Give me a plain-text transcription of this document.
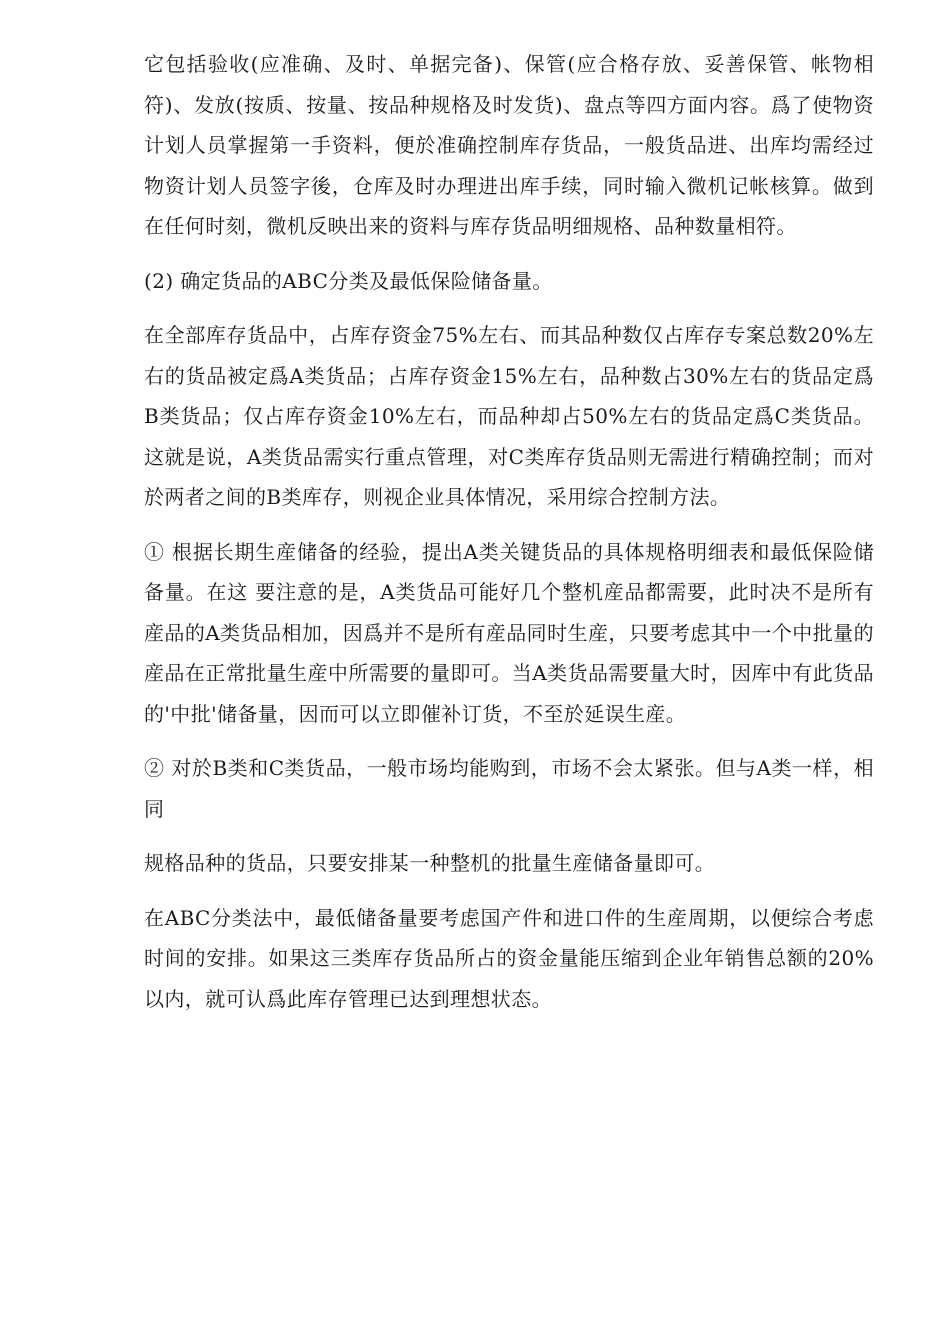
它包括验收(应准确、及时、单据完备)、保管(应合格存放、妥善保管、帐物相符)、发放(按质、按量、按品种规格及时发货)、盘点等四方面内容。爲了使物资计划人员掌握第一手资料，便於准确控制库存货品，一般货品进、出库均需经过物资计划人员签字後，仓库及时办理进出库手续，同时输入微机记帐核算。做到在任何时刻，微机反映出来的资料与库存货品明细规格、品种数量相符。

(2) 确定货品的ABC分类及最低保险储备量。

在全部库存货品中，占库存资金75%左右、而其品种数仅占库存专案总数20%左右的货品被定爲A类货品；占库存资金15%左右，品种数占30%左右的货品定爲B类货品；仅占库存资金10%左右，而品种却占50%左右的货品定爲C类货品。这就是说，A类货品需实行重点管理，对C类库存货品则无需进行精确控制；而对於两者之间的B类库存，则视企业具体情况，采用综合控制方法。

① 根据长期生産储备的经验，提出A类关键货品的具体规格明细表和最低保险储备量。在这 要注意的是，A类货品可能好几个整机産品都需要，此时决不是所有産品的A类货品相加，因爲并不是所有産品同时生産，只要考虑其中一个中批量的産品在正常批量生産中所需要的量即可。当A类货品需要量大时，因库中有此货品的'中批'储备量，因而可以立即催补订货，不至於延误生産。

② 对於B类和C类货品，一般市场均能购到，市场不会太紧张。但与A类一样，相同

规格品种的货品，只要安排某一种整机的批量生産储备量即可。

在ABC分类法中，最低储备量要考虑国产件和进口件的生産周期，以便综合考虑时间的安排。如果这三类库存货品所占的资金量能压缩到企业年销售总额的20%以内，就可认爲此库存管理已达到理想状态。
